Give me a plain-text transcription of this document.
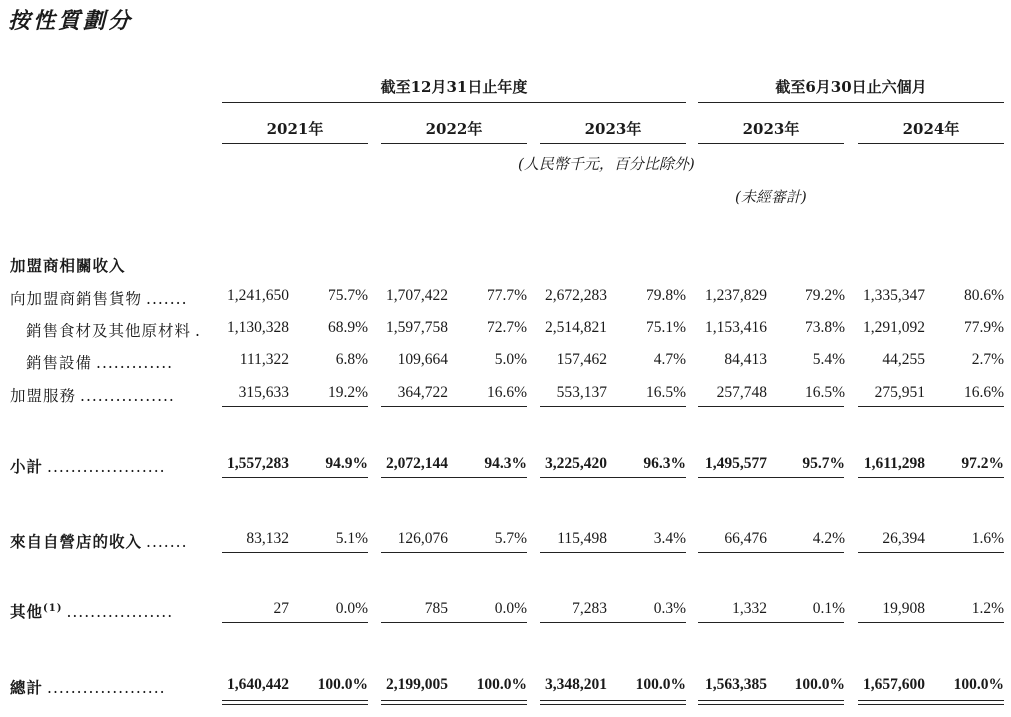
按性質劃分
截至12月31日止年度	截至6月30日止六個月
2021年	2022年	2023年	2023年	2024年
(人民幣千元，百分比除外)
(未經審計)
加盟商相關收入
向加盟商銷售貨物 .......	1,241,650	75.7%	1,707,422	77.7%	2,672,283	79.8%	1,237,829	79.2%	1,335,347	80.6%
銷售食材及其他原材料 .	1,130,328	68.9%	1,597,758	72.7%	2,514,821	75.1%	1,153,416	73.8%	1,291,092	77.9%
銷售設備 .............	111,322	6.8%	109,664	5.0%	157,462	4.7%	84,413	5.4%	44,255	2.7%
加盟服務 ................	315,633	19.2%	364,722	16.6%	553,137	16.5%	257,748	16.5%	275,951	16.6%
小計 ....................	1,557,283	94.9%	2,072,144	94.3%	3,225,420	96.3%	1,495,577	95.7%	1,611,298	97.2%
來自自營店的收入 .......	83,132	5.1%	126,076	5.7%	115,498	3.4%	66,476	4.2%	26,394	1.6%
其他$^{(1)}$ ..................	27	0.0%	785	0.0%	7,283	0.3%	1,332	0.1%	19,908	1.2%
總計 ....................	1,640,442	100.0%	2,199,005	100.0%	3,348,201	100.0%	1,563,385	100.0%	1,657,600	100.0%
